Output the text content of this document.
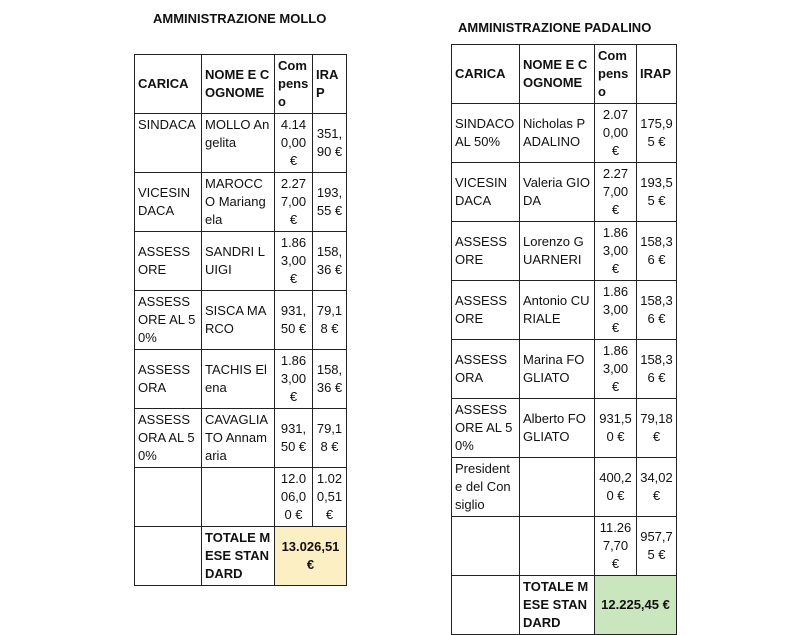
AMMINISTRAZIONE MOLLO
CARICA	NOME E COGNOME	Compenso	IRAP
SINDACA	MOLLO Angelita	4.140,00 €	351,90 €
VICESINDACA	MAROCCO Mariangela	2.277,00 €	193,55 €
ASSESSORE	SANDRI LUIGI	1.863,00 €	158,36 €
ASSESSORE AL 50%	SISCA MARCO	931,50 €	79,18 €
ASSESSORA	TACHIS Elena	1.863,00 €	158,36 €
ASSESSORA AL 50%	CAVAGLIATO Annamaria	931,50 €	79,18 €
		12.006,00 €	1.020,51 €
	TOTALE MESE STANDARD	13.026,51 €	
AMMINISTRAZIONE PADALINO
CARICA	NOME E COGNOME	Compenso	IRAP
SINDACO AL 50%	Nicholas PADALINO	2.070,00 €	175,95 €
VICESINDACA	Valeria GIODA	2.277,00 €	193,55 €
ASSESSORE	Lorenzo GUARNERI	1.863,00 €	158,36 €
ASSESSORE	Antonio CURIALE	1.863,00 €	158,36 €
ASSESSORA	Marina FOGLIATO	1.863,00 €	158,36 €
ASSESSORE AL 50%	Alberto FOGLIATO	931,50 €	79,18 €
Presidente del Consiglio		400,20 €	34,02 €
		11.267,70 €	957,75 €
	TOTALE MESE STANDARD	12.225,45 €	
